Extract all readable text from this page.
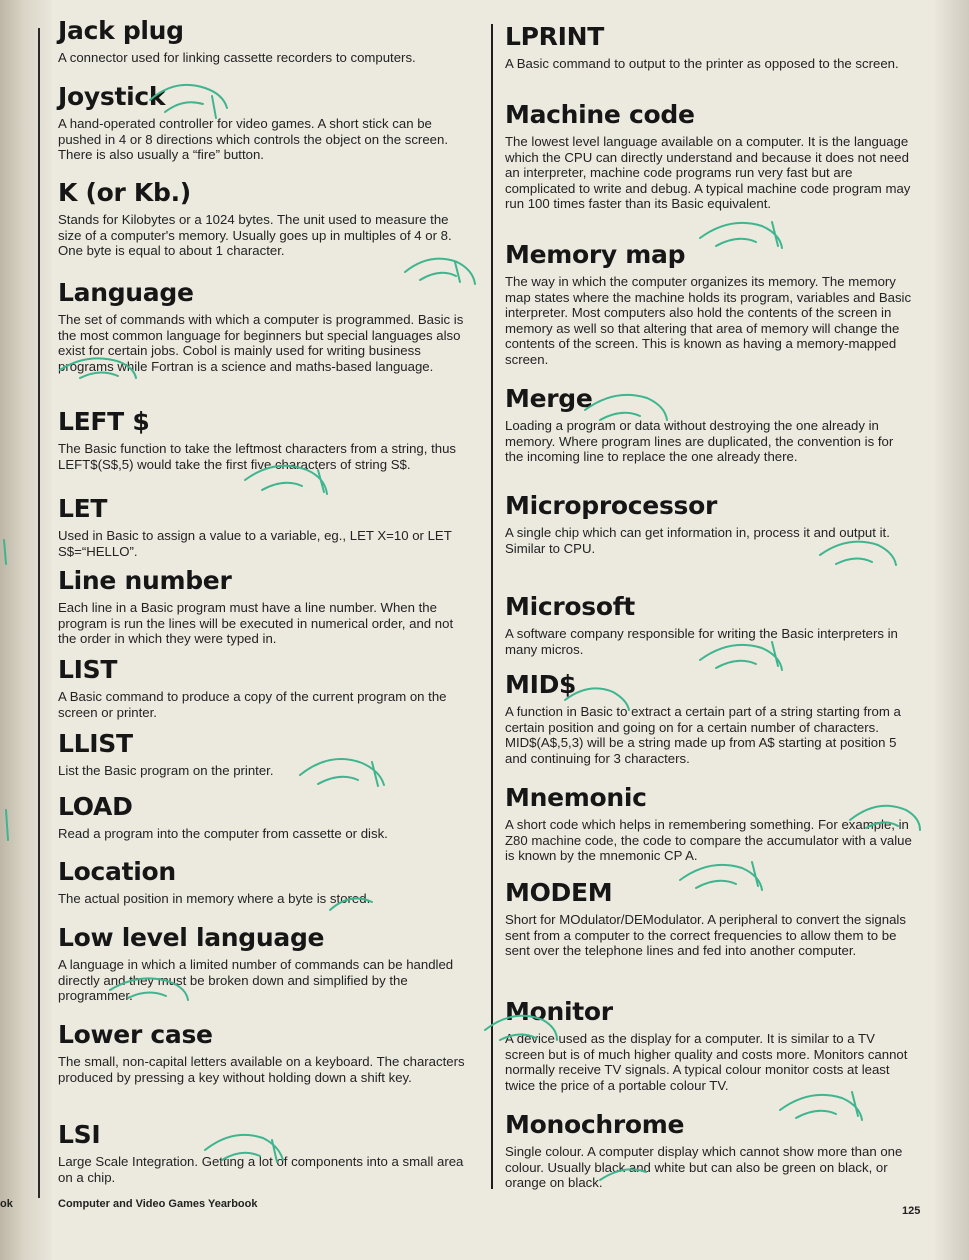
ok
Jack plug
A connector used for linking cassette recorders to computers.
Joystick
A hand-operated controller for video games. A short stick can be pushed in 4 or 8 directions which controls the object on the screen. There is also usually a “fire” button.
K (or Kb.)
Stands for Kilobytes or a 1024 bytes. The unit used to measure the size of a computer's memory. Usually goes up in multiples of 4 or 8. One byte is equal to about 1 character.
Language
The set of commands with which a computer is programmed. Basic is the most common language for beginners but special languages also exist for certain jobs. Cobol is mainly used for writing business programs while Fortran is a science and maths-based language.
LEFT $
The Basic function to take the leftmost characters from a string, thus LEFT$(S$,5) would take the first five characters of string S$.
LET
Used in Basic to assign a value to a variable, eg., LET X=10 or LET S$=“HELLO”.
Line number
Each line in a Basic program must have a line number. When the program is run the lines will be executed in numerical order, and not the order in which they were typed in.
LIST
A Basic command to produce a copy of the current program on the screen or printer.
LLIST
List the Basic program on the printer.
LOAD
Read a program into the computer from cassette or disk.
Location
The actual position in memory where a byte is stored.
Low level language
A language in which a limited number of commands can be handled directly and they must be broken down and simplified by the programmer.
Lower case
The small, non-capital letters available on a keyboard. The characters produced by pressing a key without holding down a shift key.
LSI
Large Scale Integration. Getting a lot of components into a small area on a chip.
LPRINT
A Basic command to output to the printer as opposed to the screen.
Machine code
The lowest level language available on a computer. It is the language which the CPU can directly understand and because it does not need an interpreter, machine code programs run very fast but are complicated to write and debug. A typical machine code program may run 100 times faster than its Basic equivalent.
Memory map
The way in which the computer organizes its memory. The memory map states where the machine holds its program, variables and Basic interpreter. Most computers also hold the contents of the screen in memory as well so that altering that area of memory will change the contents of the screen. This is known as having a memory-mapped screen.
Merge
Loading a program or data without destroying the one already in memory. Where program lines are duplicated, the convention is for the incoming line to replace the one already there.
Microprocessor
A single chip which can get information in, process it and output it.
Similar to CPU.
Microsoft
A software company responsible for writing the Basic interpreters in many micros.
MID$
A function in Basic to extract a certain part of a string starting from a certain position and going on for a certain number of characters. MID$(A$,5,3) will be a string made up from A$ starting at position 5 and continuing for 3 characters.
Mnemonic
A short code which helps in remembering something. For example, in Z80 machine code, the code to compare the accumulator with a value is known by the mnemonic CP A.
MODEM
Short for MOdulator/DEModulator. A peripheral to convert the signals sent from a computer to the correct frequencies to allow them to be sent over the telephone lines and fed into another computer.
Monitor
A device used as the display for a computer. It is similar to a TV screen but is of much higher quality and costs more. Monitors cannot normally receive TV signals. A typical colour monitor costs at least twice the price of a portable colour TV.
Monochrome
Single colour. A computer display which cannot show more than one colour. Usually black and white but can also be green on black, or orange on black.
Computer and Video Games Yearbook
125
